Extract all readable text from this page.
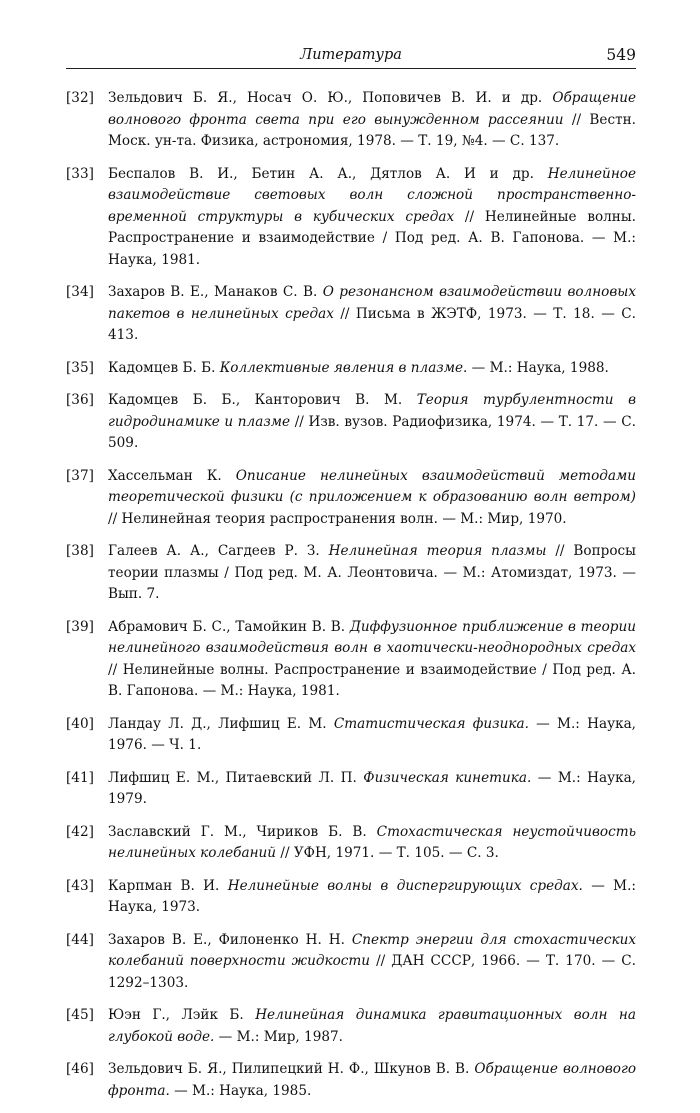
Литература	549
[32] Зельдович Б. Я., Носач О. Ю., Поповичев В. И. и др. Обращение волнового фронта света при его вынужденном рассеянии // Вестн. Моск. ун-та. Физика, астрономия, 1978. — Т. 19, №4. — С. 137.
[33] Беспалов В. И., Бетин А. А., Дятлов А. И и др. Нелинейное взаимодействие световых волн сложной пространственно-временной структуры в кубических средах // Нелинейные волны. Распространение и взаимодействие / Под ред. А. В. Гапонова. — М.: Наука, 1981.
[34] Захаров В. Е., Манаков С. В. О резонансном взаимодействии волновых пакетов в нелинейных средах // Письма в ЖЭТФ, 1973. — Т. 18. — С. 413.
[35] Кадомцев Б. Б. Коллективные явления в плазме. — М.: Наука, 1988.
[36] Кадомцев Б. Б., Канторович В. М. Теория турбулентности в гидродинамике и плазме // Изв. вузов. Радиофизика, 1974. — Т. 17. — С. 509.
[37] Хассельман К. Описание нелинейных взаимодействий методами теоретической физики (с приложением к образованию волн ветром) // Нелинейная теория распространения волн. — М.: Мир, 1970.
[38] Галеев А. А., Сагдеев Р. З. Нелинейная теория плазмы // Вопросы теории плазмы / Под ред. М. А. Леонтовича. — М.: Атомиздат, 1973. — Вып. 7.
[39] Абрамович Б. С., Тамойкин В. В. Диффузионное приближение в теории нелинейного взаимодействия волн в хаотически-неоднородных средах // Нелинейные волны. Распространение и взаимодействие / Под ред. А. В. Гапонова. — М.: Наука, 1981.
[40] Ландау Л. Д., Лифшиц Е. М. Статистическая физика. — М.: Наука, 1976. — Ч. 1.
[41] Лифшиц Е. М., Питаевский Л. П. Физическая кинетика. — М.: Наука, 1979.
[42] Заславский Г. М., Чириков Б. В. Стохастическая неустойчивость нелинейных колебаний // УФН, 1971. — Т. 105. — С. 3.
[43] Карпман В. И. Нелинейные волны в диспергирующих средах. — М.: Наука, 1973.
[44] Захаров В. Е., Филоненко Н. Н. Спектр энергии для стохастических колебаний поверхности жидкости // ДАН СССР, 1966. — Т. 170. — С. 1292–1303.
[45] Юэн Г., Лэйк Б. Нелинейная динамика гравитационных волн на глубокой воде. — М.: Мир, 1987.
[46] Зельдович Б. Я., Пилипецкий Н. Ф., Шкунов В. В. Обращение волнового фронта. — М.: Наука, 1985.
